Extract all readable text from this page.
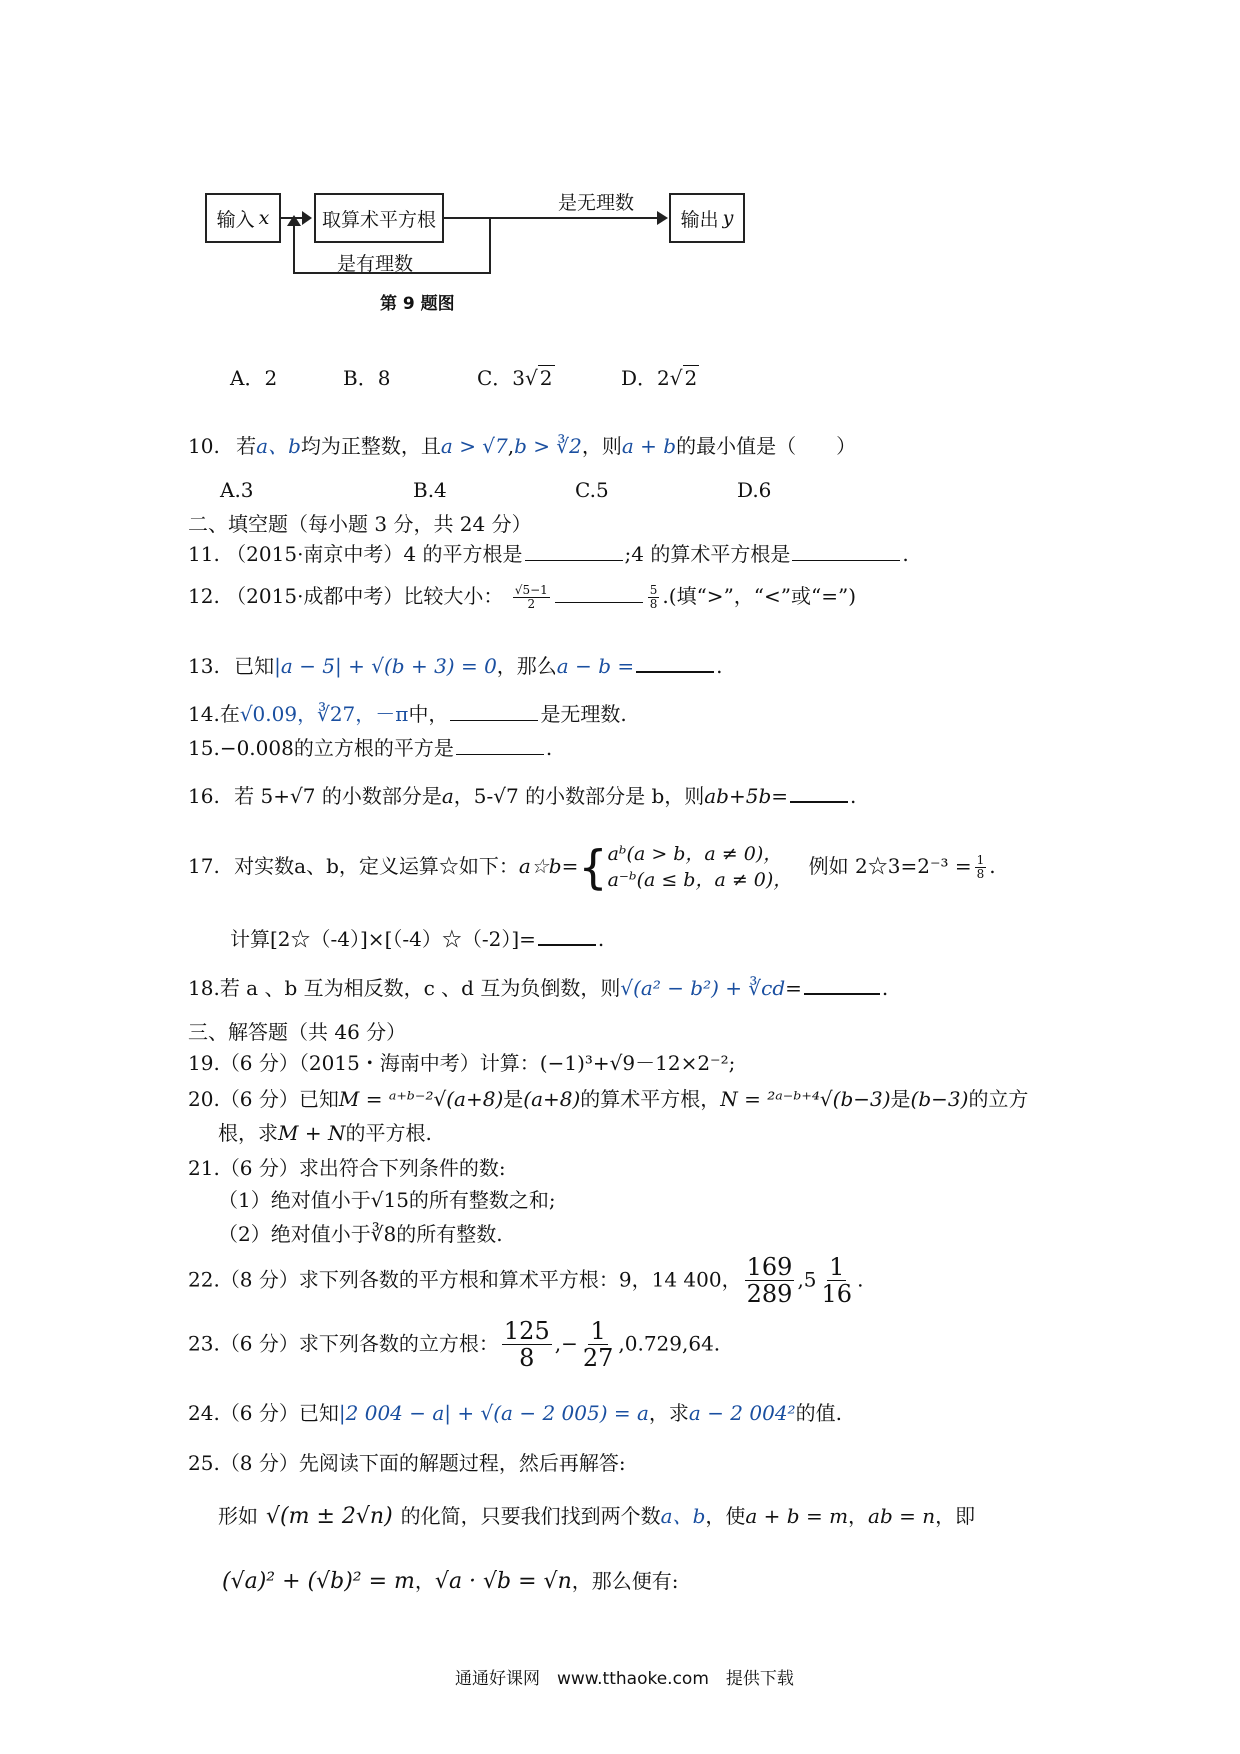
输入 x	取算术平方根	输出 y
是无理数
是有理数
第 9 题图
A．2	B．8	C．3√ 2	D．2√ 2
10. 若a、b均为正整数，且a > √7,b > ∛2，则a + b的最小值是（　　）
A.3	B.4	C.5	D.6
二、填空题（每小题 3 分，共 24 分）
11. （2015·南京中考）4 的平方根是	;4 的算术平方根是	.
12. （2015·成都中考）比较大小： $\frac{√5-1}{2}$	$\frac{5}{8}$ .(填“>”，“<”或“=”)
13. 已知|a − 5| + √(b + 3) = 0，那么a − b =	.
14.在√0.09，∛27，－π中，	是无理数.
15.−0.008的立方根的平方是	.
16. 若 5+√7 的小数部分是a，5-√7 的小数部分是 b，则ab+5b=	.
17. 对实数a、b，定义运算☆如下：a☆b={ aᵇ(a > b，a ≠ 0)，
a⁻ᵇ(a ≤ b，a ≠ 0)，
例如 2☆3=2⁻³ = $\frac{1}{8}$ .
计算[2☆（-4）]×[（-4）☆（-2）]=	.
18.若 a 、b 互为相反数，c 、d 互为负倒数，则√(a² − b²) + ∛cd=	.
三、解答题（共 46 分）
19.（6 分）（2015・海南中考）计算：(−1)³+√9－12×2⁻²;
20.（6 分）已知M = ᵃ⁺ᵇ⁻²√(a+8)是(a+8)的算术平方根，N = ²ᵃ⁻ᵇ⁺⁴√(b−3)是(b−3)的立方
根，求M + N的平方根.
21.（6 分）求出符合下列条件的数:
（1）绝对值小于√15的所有整数之和;
（2）绝对值小于∛8的所有整数.
22.（8 分）求下列各数的平方根和算术平方根：9，14 400， $\frac{169}{289} ,5 \frac{1}{16}$ .
23.（6 分）求下列各数的立方根： $\frac{125}{8}$ ,− $\frac{1}{27} ,0.729,64$.
24.（6 分）已知|2 004 − a| + √(a − 2 005) = a，求a − 2 004²的值.
25.（8 分）先阅读下面的解题过程，然后再解答:
形如 √(m ± 2√n) 的化简，只要我们找到两个数a、b，使a + b = m，ab = n，即
(√a)² + (√b)² = m，√a · √b = √n，那么便有:
通通好课网　www.tthaoke.com　提供下载
